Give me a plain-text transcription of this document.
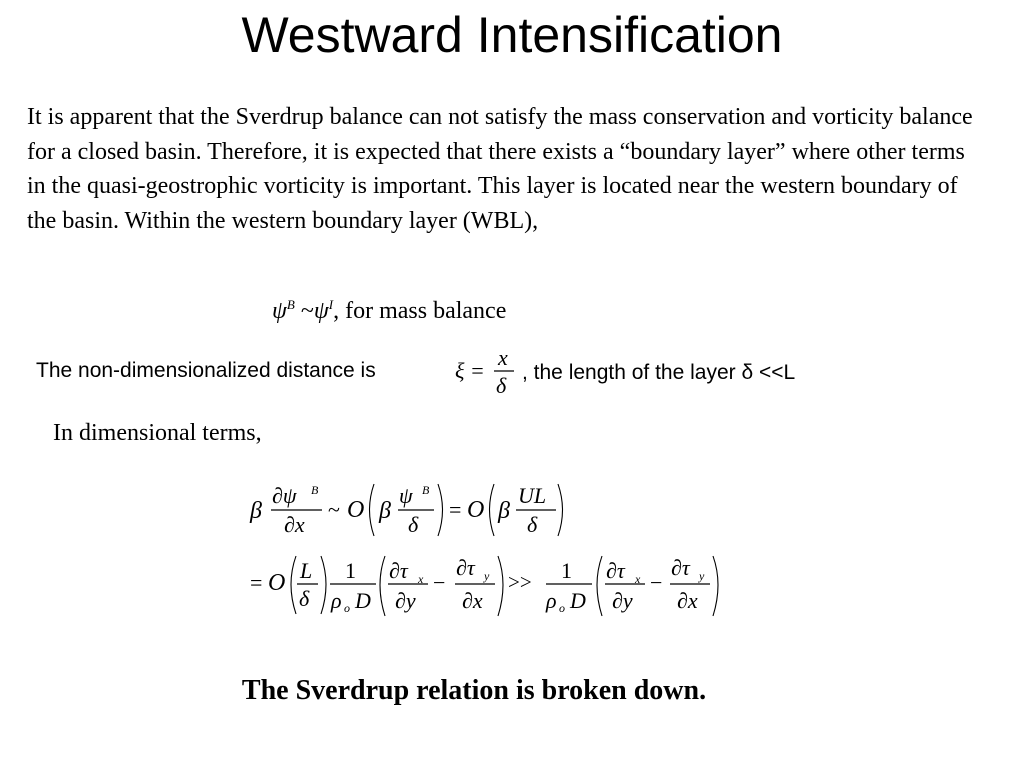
Westward Intensification
It is apparent that the Sverdrup balance can not satisfy the mass conservation and vorticity balance for a closed basin. Therefore, it is expected that there exists a “boundary layer” where other terms in the quasi-geostrophic vorticity is important. This layer is located near the western boundary of the basin. Within the western boundary layer (WBL),
$\psi^B$ $\sim\psi^I$, for mass balance
The non-dimensionalized distance is	, the length of the layer δ <<L
In dimensional terms,
ξ =
x
δ
β
∂ψ B
∂x
~ O β
ψ B
δ
= O β
UL
δ
= O L
δ
1
ρ o D
∂τ x
∂y
−
∂τ y
∂x
>> 1
ρ o D
∂τ x
∂y
−
∂τ y
∂x
The Sverdrup relation is broken down.
